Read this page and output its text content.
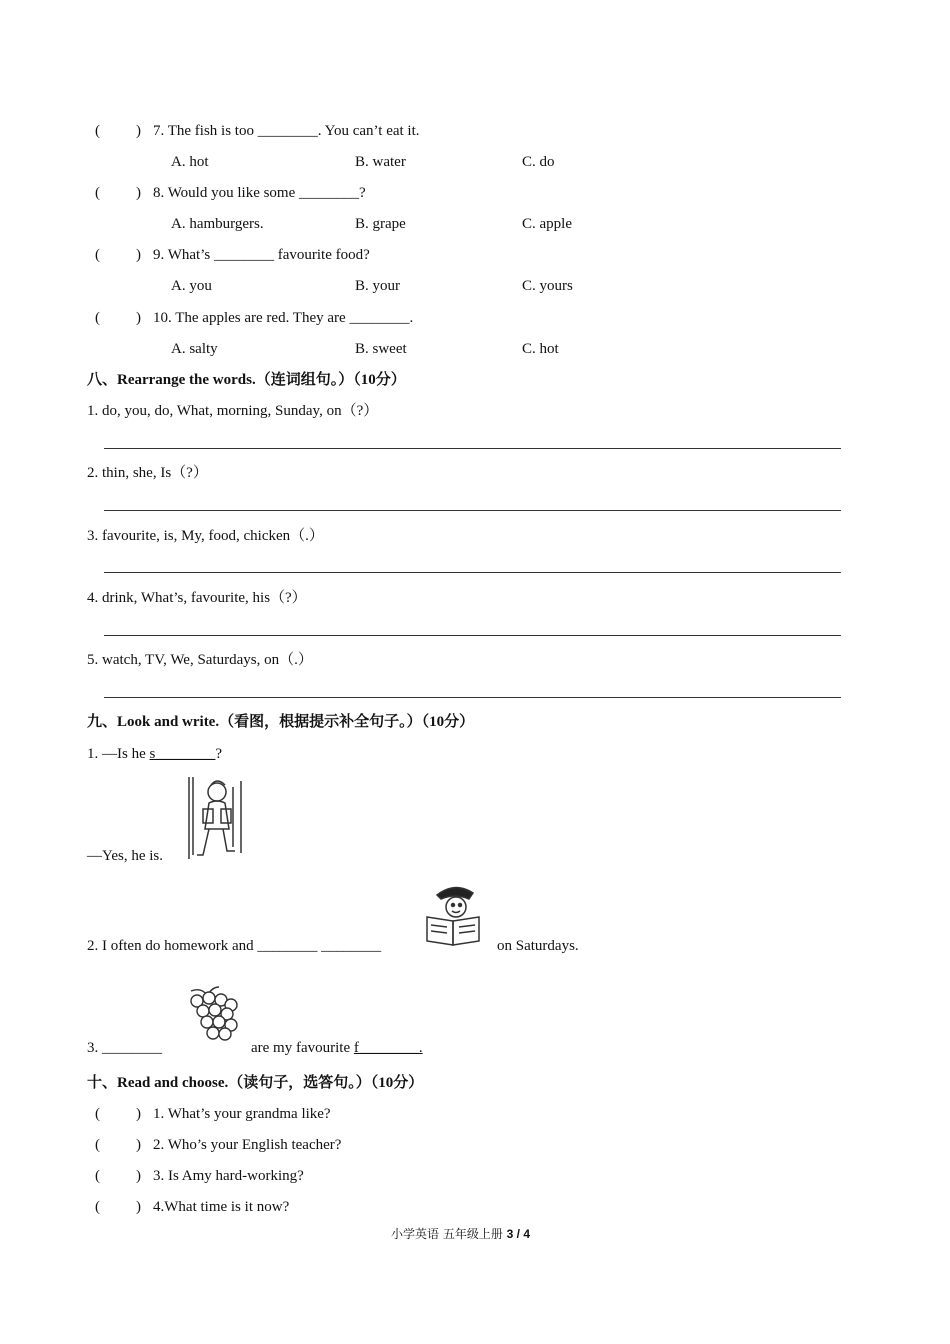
( ) 7. The fish is too ________. You can’t eat it.
A. hot	B. water	C. do
( ) 8. Would you like some ________?
A. hamburgers.	B. grape	C. apple
( ) 9. What’s ________ favourite food?
A. you	B. your	C. yours
( ) 10. The apples are red. They are ________.
A. salty	B. sweet	C. hot
八、Rearrange the words.（连词组句。）（10分）
1. do, you, do, What, morning, Sunday, on（?）
2. thin, she, Is（?）
3. favourite, is, My, food, chicken（.）
4. drink, What’s, favourite, his（?）
5. watch, TV, We, Saturdays, on（.）
九、Look and write.（看图，根据提示补全句子。）（10分）
1. —Is he s________?
—Yes, he is.
2. I often do homework and ________ ________	on Saturdays.
3. ________	are my favourite f________.
十、Read and choose.（读句子，选答句。）（10分）
( ) 1. What’s your grandma like?
( ) 2. Who’s your English teacher?
( ) 3. Is Amy hard-working?
( ) 4.What time is it now?
小学英语 五年级上册 3 / 4
